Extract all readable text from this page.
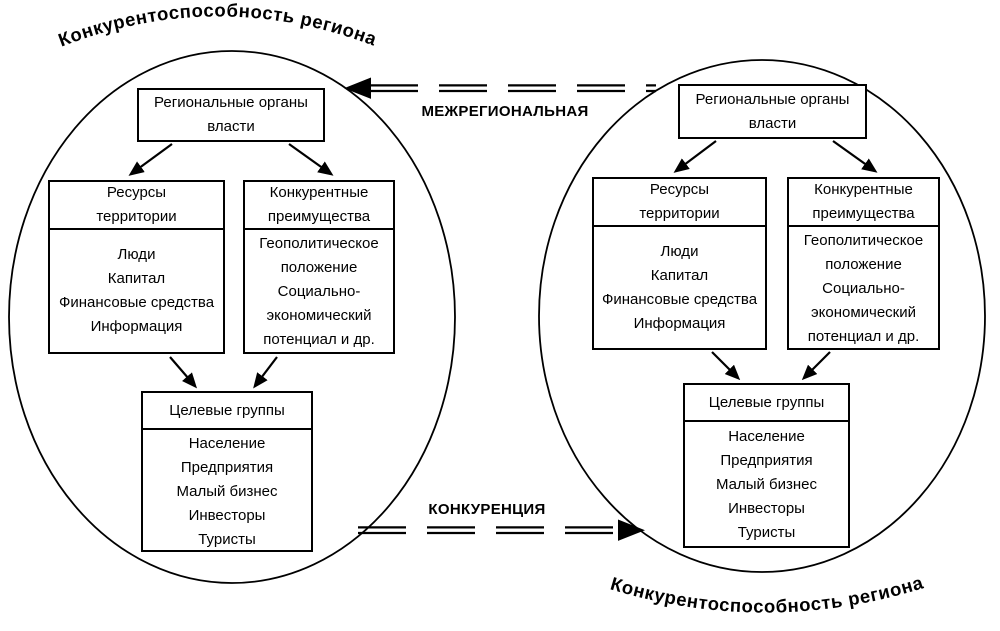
Конкурентоспособность региона
Конкурентоспособность региона
МЕЖРЕГИОНАЛЬНАЯ
КОНКУРЕНЦИЯ
Региональные органы власти
Ресурсы территории
Люди
Капитал
Финансовые средства
Информация
Конкурентные преимущества
Геополитическое положение
Социально-экономический потенциал и др.
Целевые группы
Население
Предприятия
Малый бизнес
Инвесторы
Туристы
Региональные органы власти
Ресурсы территории
Люди
Капитал
Финансовые средства
Информация
Конкурентные преимущества
Геополитическое положение
Социально-экономический потенциал и др.
Целевые группы
Население
Предприятия
Малый бизнес
Инвесторы
Туристы
